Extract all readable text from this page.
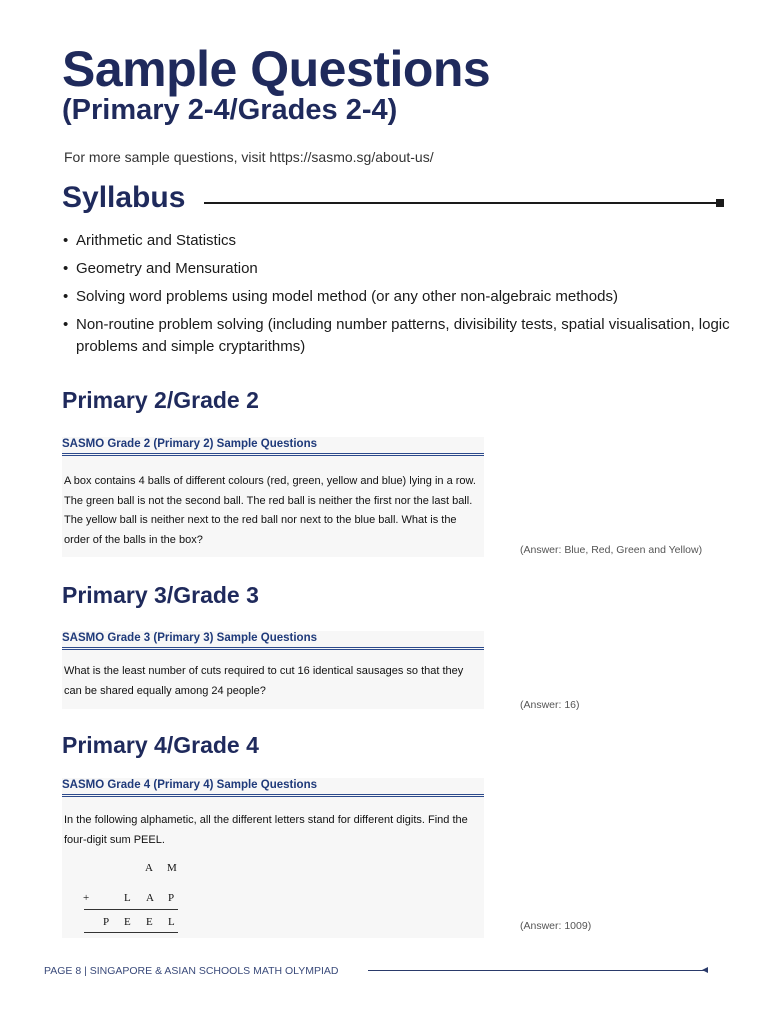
Sample Questions
(Primary 2-4/Grades 2-4)
For more sample questions, visit https://sasmo.sg/about-us/
Syllabus
• Arithmetic and Statistics
• Geometry and Mensuration
• Solving word problems using model method (or any other non-algebraic methods)
• Non-routine problem solving (including number patterns, divisibility tests, spatial visualisation, logic problems and simple cryptarithms)
Primary 2/Grade 2
SASMO Grade 2 (Primary 2) Sample Questions
A box contains 4 balls of different colours (red, green, yellow and blue) lying in a row. The green ball is not the second ball. The red ball is neither the first nor the last ball. The yellow ball is neither next to the red ball nor next to the blue ball. What is the order of the balls in the box?
(Answer: Blue, Red, Green and Yellow)
Primary 3/Grade 3
SASMO Grade 3 (Primary 3) Sample Questions
What is the least number of cuts required to cut 16 identical sausages so that they can be shared equally among 24 people?
(Answer: 16)
Primary 4/Grade 4
SASMO Grade 4 (Primary 4) Sample Questions
In the following alphametic, all the different letters stand for different digits. Find the four-digit sum PEEL.
A M
+	L A P
P E E L	(Answer: 1009)
PAGE 8 | SINGAPORE & ASIAN SCHOOLS MATH OLYMPIAD
